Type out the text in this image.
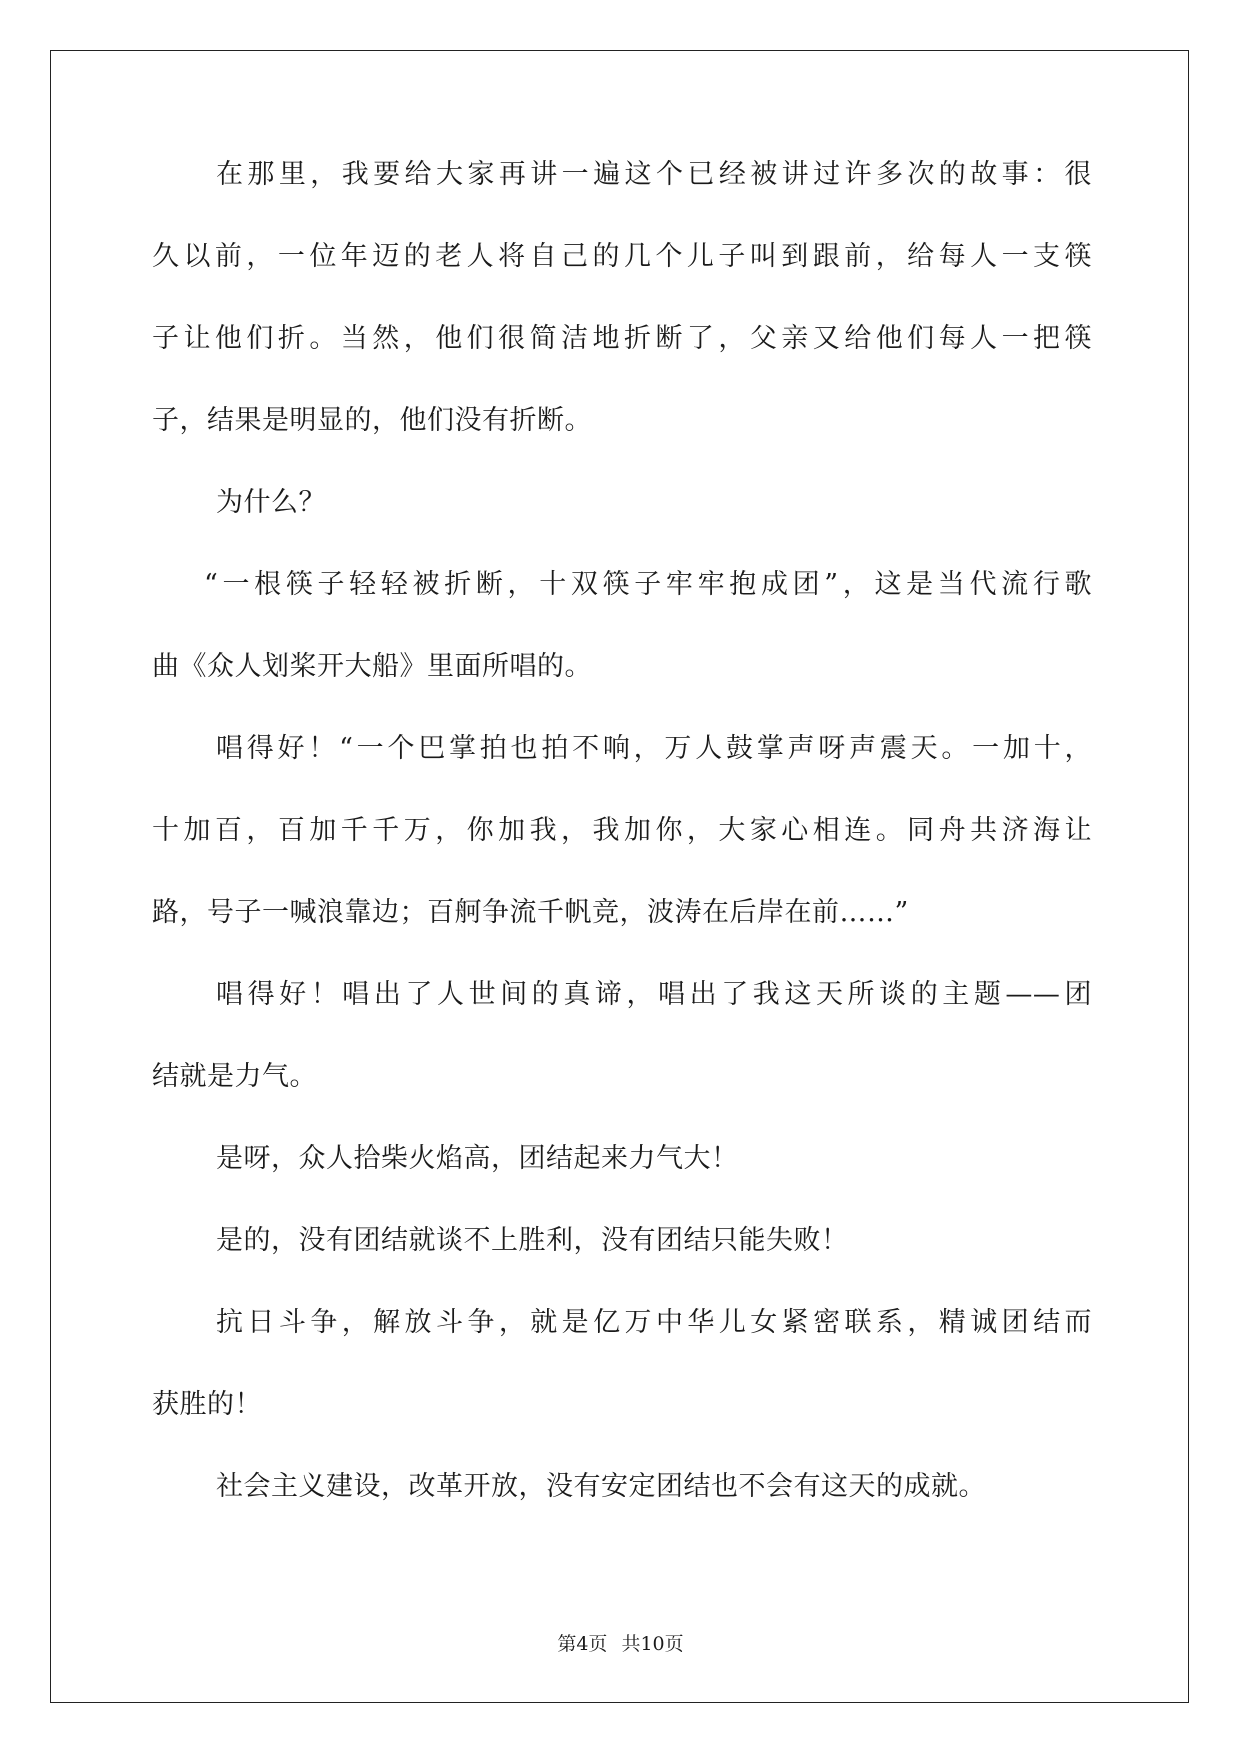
在那里，我要给大家再讲一遍这个已经被讲过许多次的故事：很
久以前，一位年迈的老人将自己的几个儿子叫到跟前，给每人一支筷
子让他们折。当然，他们很简洁地折断了，父亲又给他们每人一把筷
子，结果是明显的，他们没有折断。
为什么？
“一根筷子轻轻被折断，十双筷子牢牢抱成团”，这是当代流行歌
曲《众人划桨开大船》里面所唱的。
唱得好！“一个巴掌拍也拍不响，万人鼓掌声呀声震天。一加十，
十加百，百加千千万，你加我，我加你，大家心相连。同舟共济海让
路，号子一喊浪靠边；百舸争流千帆竞，波涛在后岸在前……”
唱得好！唱出了人世间的真谛，唱出了我这天所谈的主题——团
结就是力气。
是呀，众人拾柴火焰高，团结起来力气大！
是的，没有团结就谈不上胜利，没有团结只能失败！
抗日斗争，解放斗争，就是亿万中华儿女紧密联系，精诚团结而
获胜的！
社会主义建设，改革开放，没有安定团结也不会有这天的成就。
第4页 共10页
